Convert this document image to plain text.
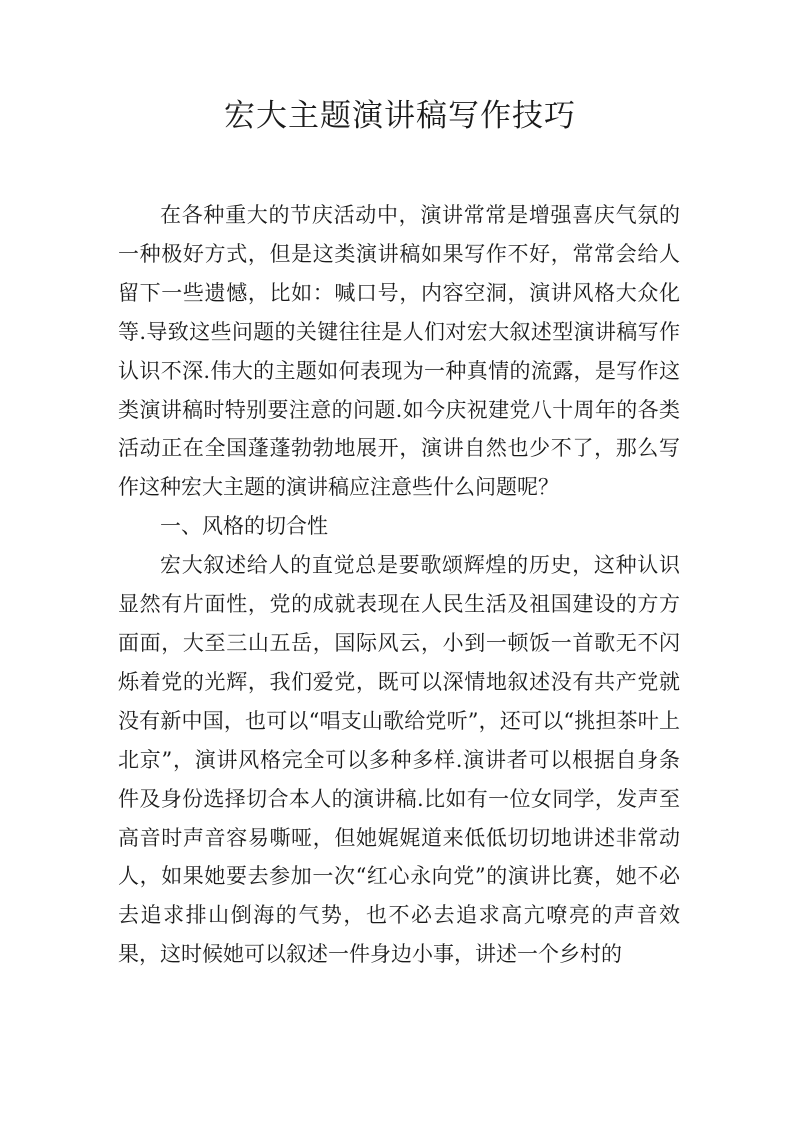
宏大主题演讲稿写作技巧

在各种重大的节庆活动中，演讲常常是增强喜庆气氛的一种极好方式，但是这类演讲稿如果写作不好，常常会给人留下一些遗憾，比如：喊口号，内容空洞，演讲风格大众化等.导致这些问题的关键往往是人们对宏大叙述型演讲稿写作认识不深.伟大的主题如何表现为一种真情的流露，是写作这类演讲稿时特别要注意的问题.如今庆祝建党八十周年的各类活动正在全国蓬蓬勃勃地展开，演讲自然也少不了，那么写作这种宏大主题的演讲稿应注意些什么问题呢？

一、风格的切合性

宏大叙述给人的直觉总是要歌颂辉煌的历史，这种认识显然有片面性，党的成就表现在人民生活及祖国建设的方方面面，大至三山五岳，国际风云，小到一顿饭一首歌无不闪烁着党的光辉，我们爱党，既可以深情地叙述没有共产党就没有新中国，也可以“唱支山歌给党听”，还可以“挑担茶叶上北京”，演讲风格完全可以多种多样.演讲者可以根据自身条件及身份选择切合本人的演讲稿.比如有一位女同学，发声至高音时声音容易嘶哑，但她娓娓道来低低切切地讲述非常动人，如果她要去参加一次“红心永向党”的演讲比赛，她不必去追求排山倒海的气势，也不必去追求高亢嘹亮的声音效果，这时候她可以叙述一件身边小事，讲述一个乡村的
